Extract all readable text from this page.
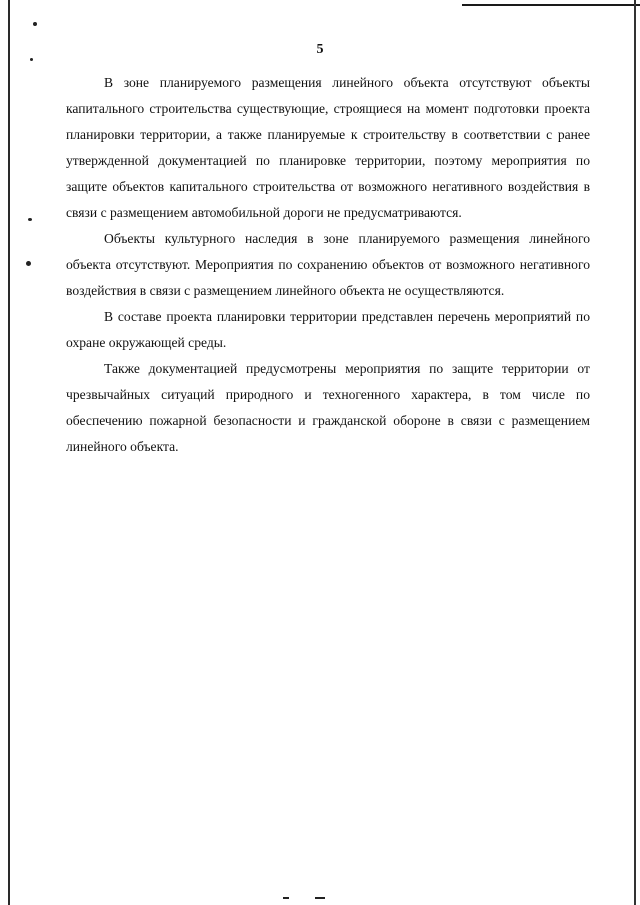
5

В зоне планируемого размещения линейного объекта отсутствуют объекты капитального строительства существующие, строящиеся на момент подготовки проекта планировки территории, а также планируемые к строительству в соответствии с ранее утвержденной документацией по планировке территории, поэтому мероприятия по защите объектов капитального строительства от возможного негативного воздействия в связи с размещением автомобильной дороги не предусматриваются.

Объекты культурного наследия в зоне планируемого размещения линейного объекта отсутствуют. Мероприятия по сохранению объектов от возможного негативного воздействия в связи с размещением линейного объекта не осуществляются.

В составе проекта планировки территории представлен перечень мероприятий по охране окружающей среды.

Также документацией предусмотрены мероприятия по защите территории от чрезвычайных ситуаций природного и техногенного характера, в том числе по обеспечению пожарной безопасности и гражданской обороне в связи с размещением линейного объекта.
